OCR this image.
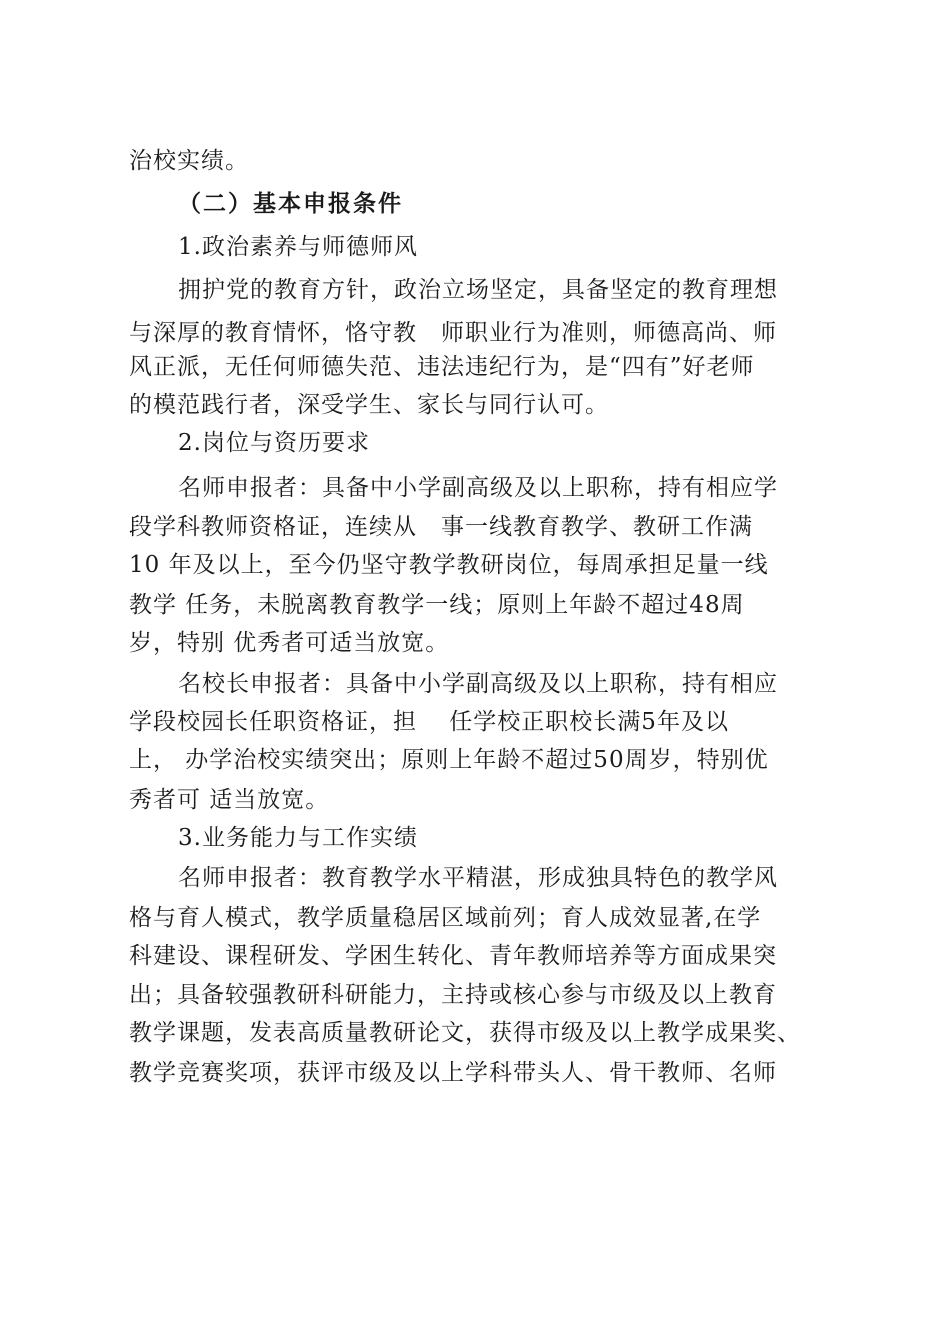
治校实绩。
（二）基本申报条件
1.政治素养与师德师风
拥护党的教育方针，政治立场坚定，具备坚定的教育理想
与深厚的教育情怀，恪守教　师职业行为准则，师德高尚、师
风正派，无任何师德失范、违法违纪行为，是“四有”好老师
的模范践行者，深受学生、家长与同行认可。
2.岗位与资历要求
名师申报者：具备中小学副高级及以上职称，持有相应学
段学科教师资格证，连续从　事一线教育教学、教研工作满
10 年及以上，至今仍坚守教学教研岗位，每周承担足量一线
教学 任务，未脱离教育教学一线；原则上年龄不超过48周
岁，特别 优秀者可适当放宽。
名校长申报者：具备中小学副高级及以上职称，持有相应
学段校园长任职资格证，担　 任学校正职校长满5年及以
上， 办学治校实绩突出；原则上年龄不超过50周岁，特别优
秀者可 适当放宽。
3.业务能力与工作实绩
名师申报者：教育教学水平精湛，形成独具特色的教学风
格与育人模式，教学质量稳居区域前列；育人成效显著,在学
科建设、课程研发、学困生转化、青年教师培养等方面成果突
出；具备较强教研科研能力，主持或核心参与市级及以上教育
教学课题，发表高质量教研论文，获得市级及以上教学成果奖、
教学竞赛奖项，获评市级及以上学科带头人、骨干教师、名师
